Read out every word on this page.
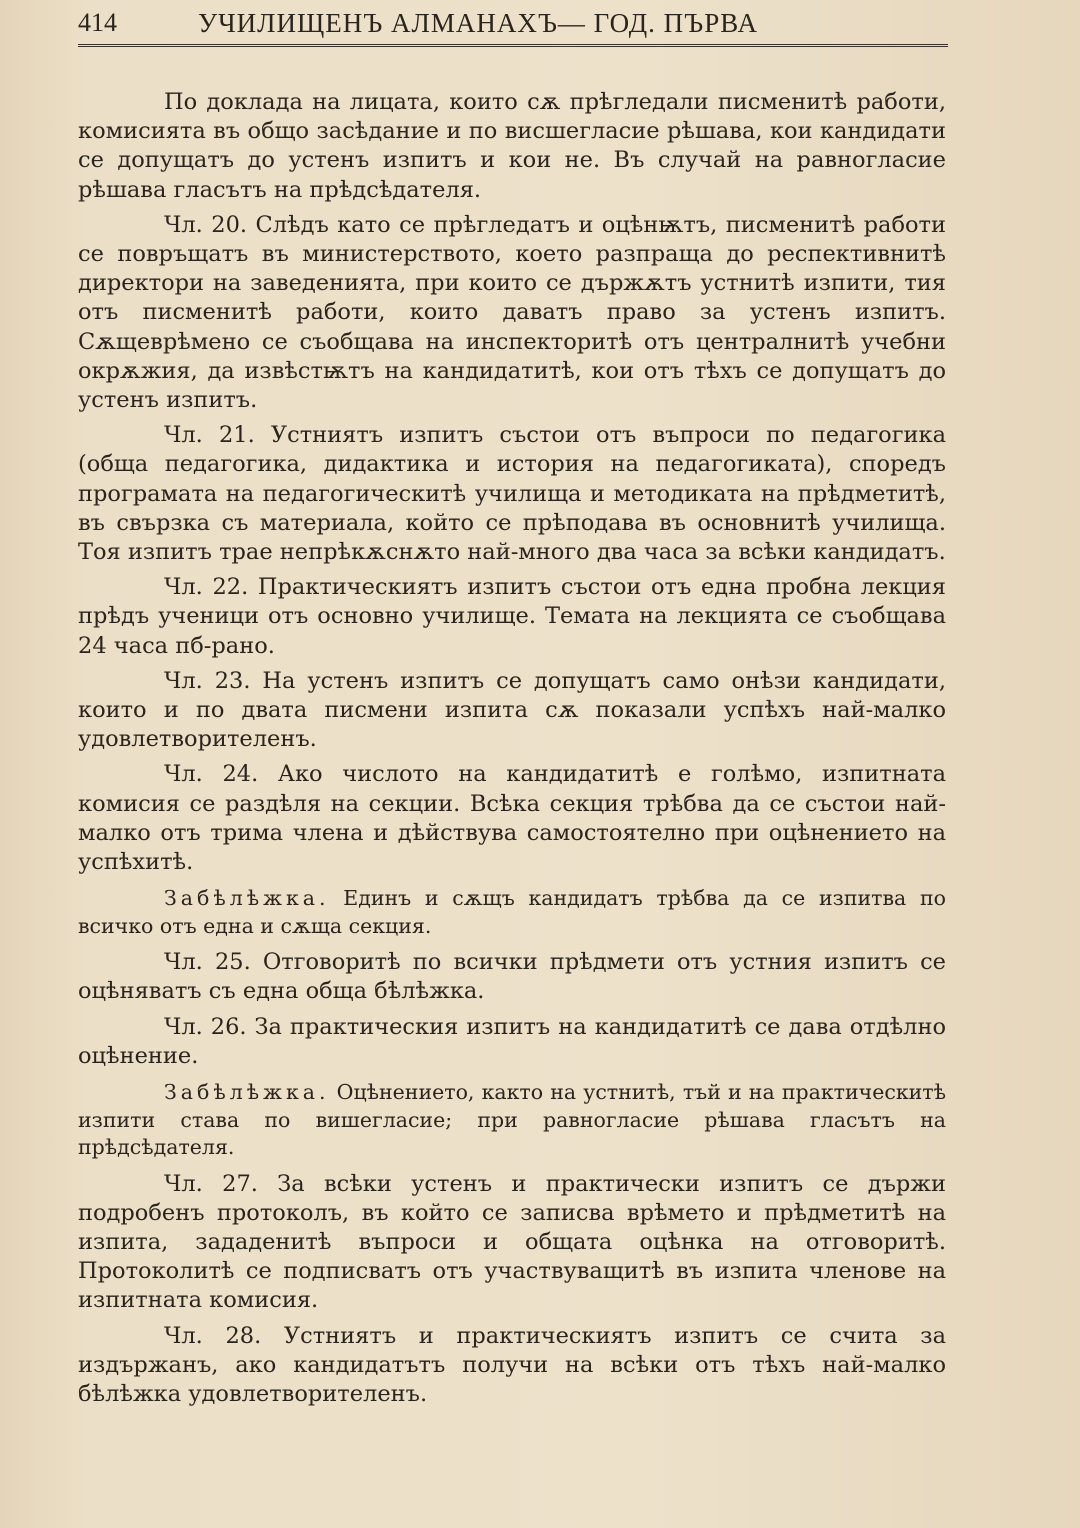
414	УЧИЛИЩЕНЪ АЛМАНАХЪ— ГОД. ПЪРВА

По доклада на лицата, които сѫ прѣгледали писменитѣ работи, комисията въ общо засѣдание и по висшегласие рѣшава, кои кандидати се допущатъ до устенъ изпитъ и кои не. Въ случай на равногласие рѣшава гласътъ на прѣдсѣдателя.

Чл. 20. Слѣдъ като се прѣгледатъ и оцѣнѭтъ, писменитѣ работи се повръщатъ въ министерството, което разпраща до респективнитѣ директори на заведенията, при които се държѫтъ устнитѣ изпити, тия отъ писменитѣ работи, които даватъ право за устенъ изпитъ. Сѫщеврѣмено се съобщава на инспекторитѣ отъ централнитѣ учебни окрѫжия, да извѣстѭтъ на кандидатитѣ, кои отъ тѣхъ се допущатъ до устенъ изпитъ.

Чл. 21. Устниятъ изпитъ състои отъ въпроси по педагогика (обща педагогика, дидактика и история на педагогиката), споредъ програмата на педагогическитѣ училища и методиката на прѣдметитѣ, въ свързка съ материала, който се прѣподава въ основнитѣ училища. Тоя изпитъ трае непрѣкѫснѫто най-много два часа за всѣки кандидатъ.

Чл. 22. Практическиятъ изпитъ състои отъ една пробна лекция прѣдъ ученици отъ основно училище. Темата на лекцията се съобщава 24 часа пб-рано.

Чл. 23. На устенъ изпитъ се допущатъ само онѣзи кандидати, които и по двата писмени изпита сѫ показали успѣхъ най-малко удовлетворителенъ.

Чл. 24. Ако числото на кандидатитѣ е голѣмо, изпитната комисия се раздѣля на секции. Всѣка секция трѣбва да се състои най-малко отъ трима члена и дѣйствува самостоятелно при оцѣнението на успѣхитѣ.

Забѣлѣжка. Единъ и сѫщъ кандидатъ трѣбва да се изпитва по всичко отъ една и сѫща секция.

Чл. 25. Отговоритѣ по всички прѣдмети отъ устния изпитъ се оцѣняватъ съ една обща бѣлѣжка.

Чл. 26. За практическия изпитъ на кандидатитѣ се дава отдѣлно оцѣнение.

Забѣлѣжка. Оцѣнението, както на устнитѣ, тъй и на практическитѣ изпити става по вишегласие; при равногласие рѣшава гласътъ на прѣдсѣдателя.

Чл. 27. За всѣки устенъ и практически изпитъ се държи подробенъ протоколъ, въ който се записва врѣмето и прѣдметитѣ на изпита, зададенитѣ въпроси и общата оцѣнка на отговоритѣ. Протоколитѣ се подписватъ отъ участвуващитѣ въ изпита членове на изпитната комисия.

Чл. 28. Устниятъ и практическиятъ изпитъ се счита за издържанъ, ако кандидатътъ получи на всѣки отъ тѣхъ най-малко бѣлѣжка удовлетворителенъ.
